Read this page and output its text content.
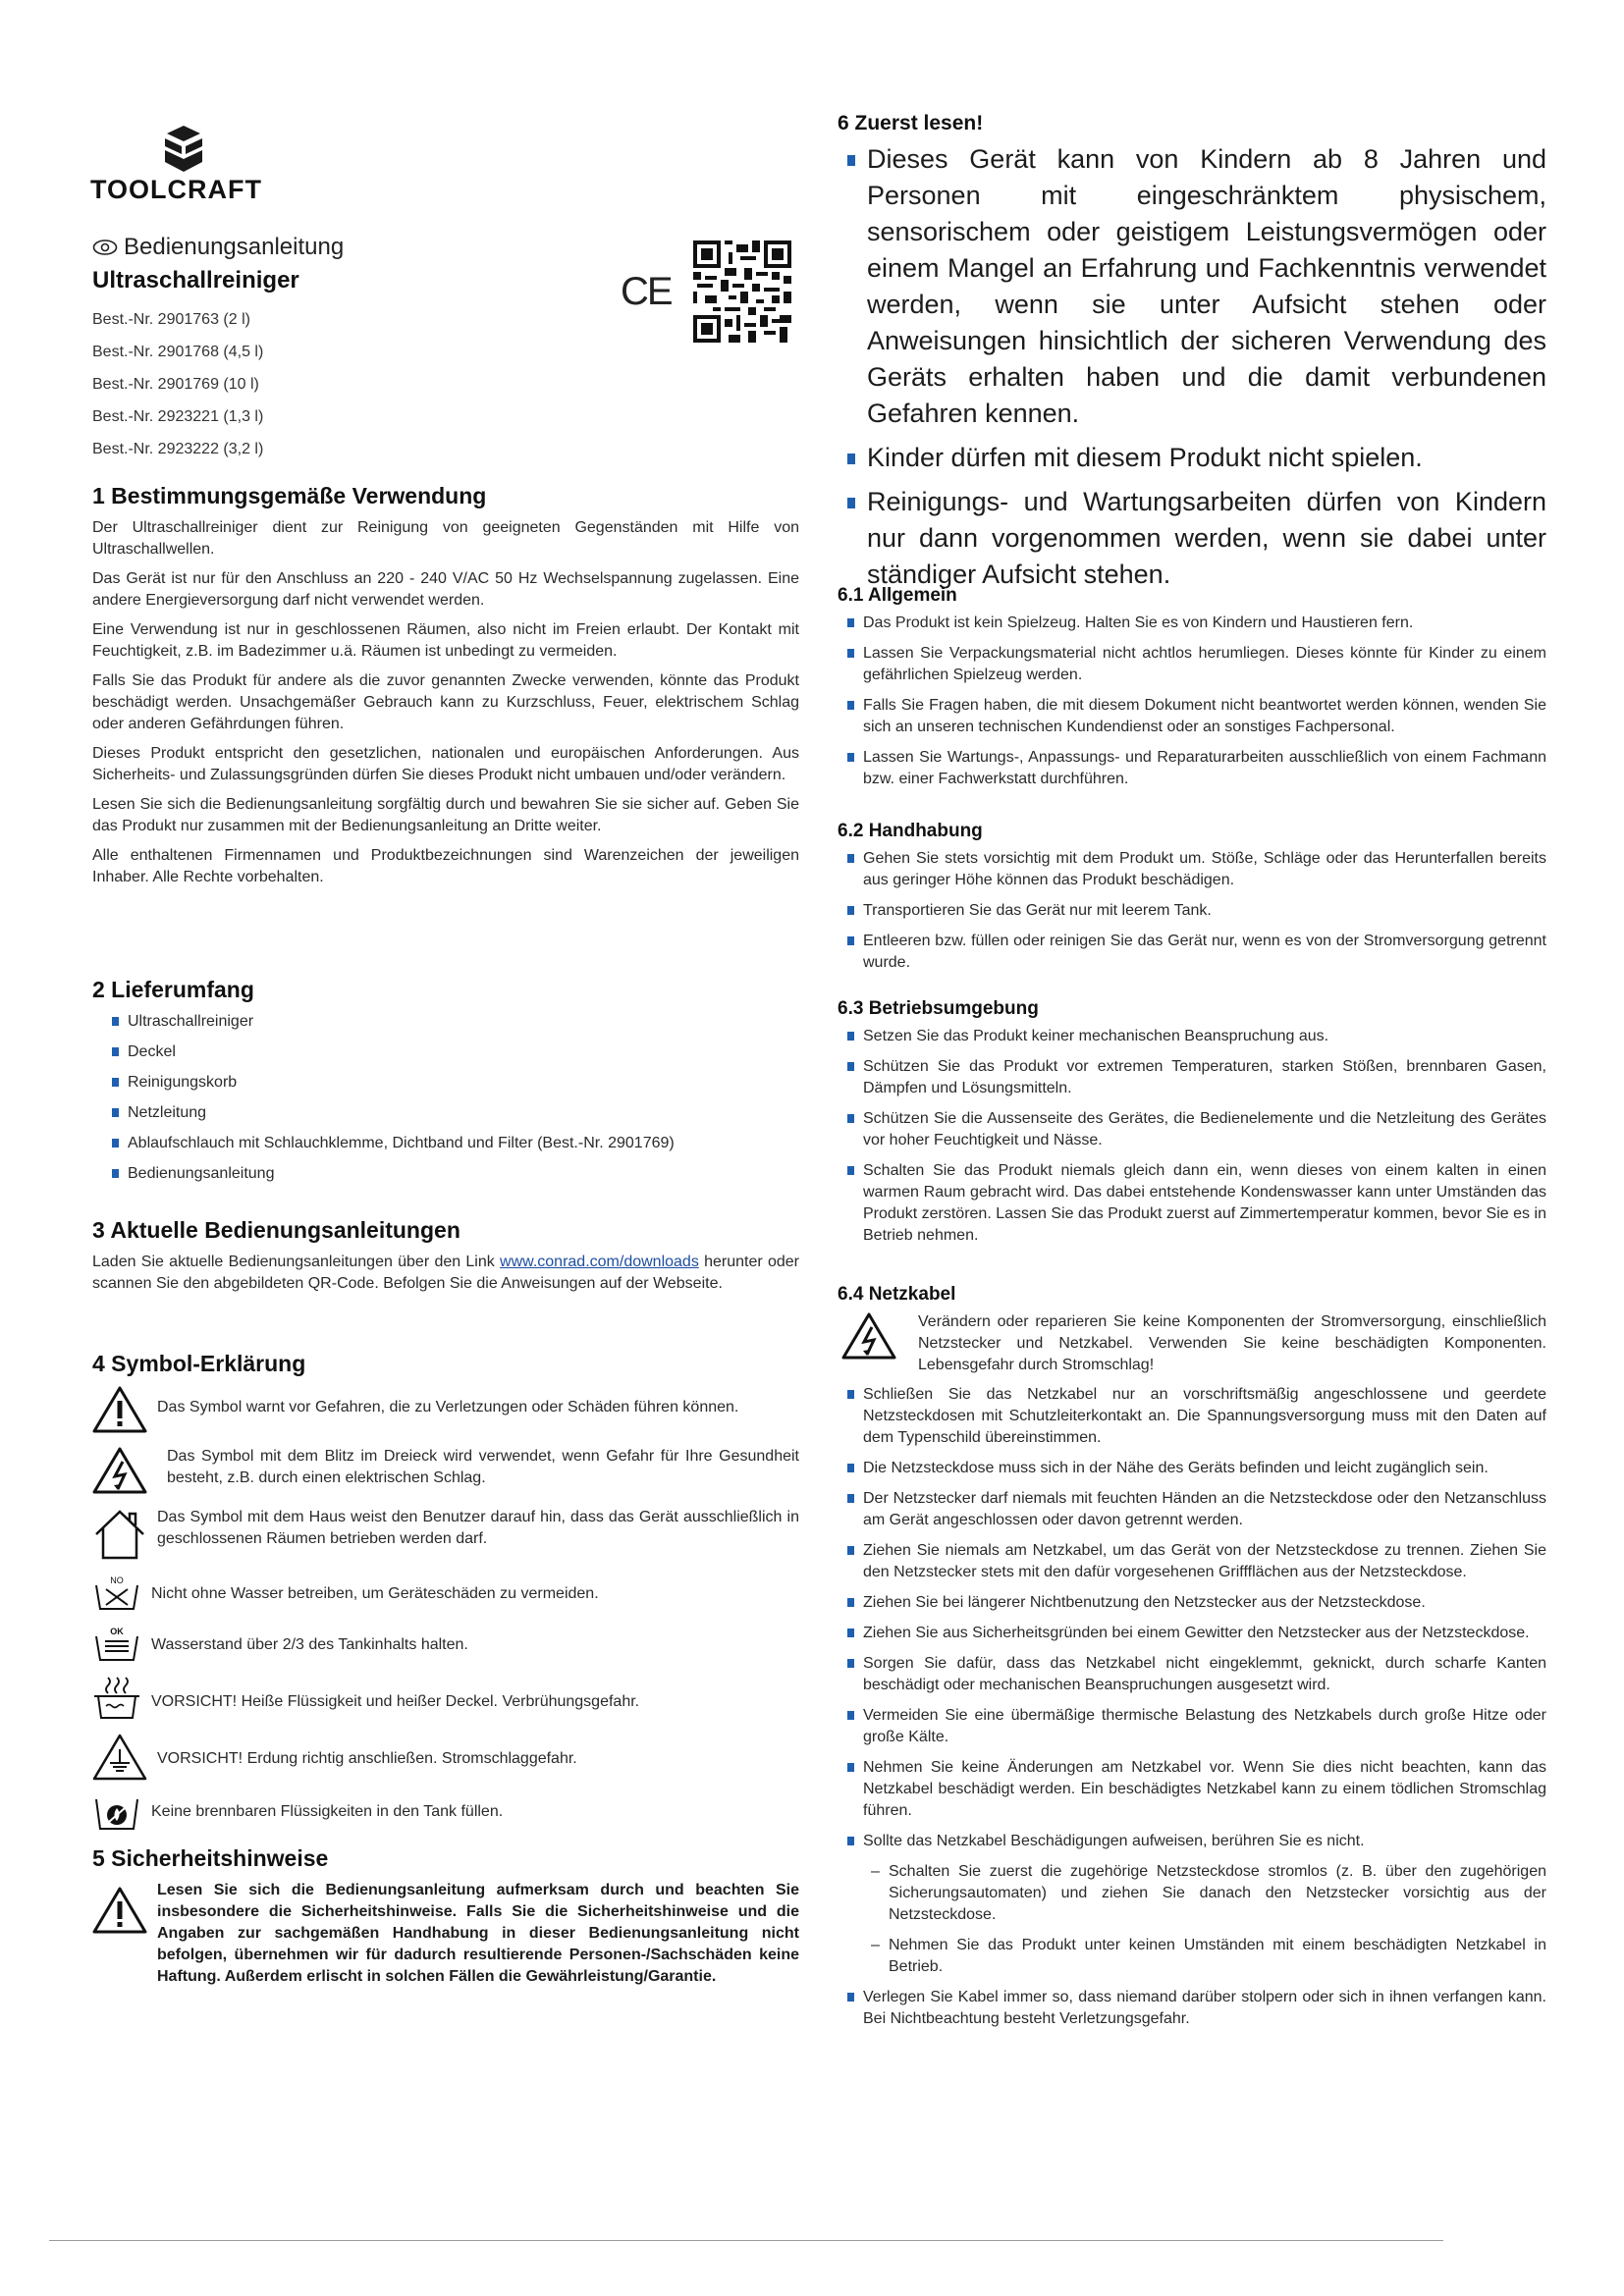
TOOLCRAFT
Bedienungsanleitung
Ultraschallreiniger
Best.-Nr. 2901763 (2 l)
Best.-Nr. 2901768 (4,5 l)
Best.-Nr. 2901769 (10 l)
Best.-Nr. 2923221 (1,3 l)
Best.-Nr. 2923222 (3,2 l)
CE
1 Bestimmungsgemäße Verwendung

Der Ultraschallreiniger dient zur Reinigung von geeigneten Gegenständen mit Hilfe von Ultraschallwellen.

Das Gerät ist nur für den Anschluss an 220 - 240 V/AC 50 Hz Wechselspannung zugelassen. Eine andere Energieversorgung darf nicht verwendet werden.

Eine Verwendung ist nur in geschlossenen Räumen, also nicht im Freien erlaubt. Der Kontakt mit Feuchtigkeit, z.B. im Badezimmer u.ä. Räumen ist unbedingt zu vermeiden.

Falls Sie das Produkt für andere als die zuvor genannten Zwecke verwenden, könnte das Produkt beschädigt werden. Unsachgemäßer Gebrauch kann zu Kurzschluss, Feuer, elektrischem Schlag oder anderen Gefährdungen führen.

Dieses Produkt entspricht den gesetzlichen, nationalen und europäischen Anforderungen. Aus Sicherheits- und Zulassungsgründen dürfen Sie dieses Produkt nicht umbauen und/oder verändern.

Lesen Sie sich die Bedienungsanleitung sorgfältig durch und bewahren Sie sie sicher auf. Geben Sie das Produkt nur zusammen mit der Bedienungsanleitung an Dritte weiter.

Alle enthaltenen Firmennamen und Produktbezeichnungen sind Warenzeichen der jeweiligen Inhaber. Alle Rechte vorbehalten.

2 Lieferumfang
Ultraschallreiniger
Deckel
Reinigungskorb
Netzleitung
Ablaufschlauch mit Schlauchklemme, Dichtband und Filter (Best.-Nr. 2901769)
Bedienungsanleitung
3 Aktuelle Bedienungsanleitungen

Laden Sie aktuelle Bedienungsanleitungen über den Link www.conrad.com/downloads herunter oder scannen Sie den abgebildeten QR-Code. Befolgen Sie die Anweisungen auf der Webseite.

4 Symbol-Erklärung
Das Symbol warnt vor Gefahren, die zu Verletzungen oder Schäden führen können.
Das Symbol mit dem Blitz im Dreieck wird verwendet, wenn Gefahr für Ihre Gesundheit besteht, z.B. durch einen elektrischen Schlag.
Das Symbol mit dem Haus weist den Benutzer darauf hin, dass das Gerät ausschließlich in geschlossenen Räumen betrieben werden darf.
NO
Nicht ohne Wasser betreiben, um Geräteschäden zu vermeiden.
OK
Wasserstand über 2/3 des Tankinhalts halten.
VORSICHT! Heiße Flüssigkeit und heißer Deckel. Verbrühungsgefahr.
VORSICHT! Erdung richtig anschließen. Stromschlaggefahr.
Keine brennbaren Flüssigkeiten in den Tank füllen.
5 Sicherheitshinweise
Lesen Sie sich die Bedienungsanleitung aufmerksam durch und beachten Sie insbesondere die Sicherheitshinweise. Falls Sie die Sicherheitshinweise und die Angaben zur sachgemäßen Handhabung in dieser Bedienungsanleitung nicht befolgen, übernehmen wir für dadurch resultierende Personen-/Sachschäden keine Haftung. Außerdem erlischt in solchen Fällen die Gewährleistung/Garantie.
6 Zuerst lesen!
Dieses Gerät kann von Kindern ab 8 Jahren und Personen mit eingeschränktem physischem, sensorischem oder geistigem Leistungsvermögen oder einem Mangel an Erfahrung und Fachkenntnis verwendet werden, wenn sie unter Aufsicht stehen oder Anweisungen hinsichtlich der sicheren Verwendung des Geräts erhalten haben und die damit verbundenen Gefahren kennen.
Kinder dürfen mit diesem Produkt nicht spielen.
Reinigungs- und Wartungsarbeiten dürfen von Kindern nur dann vorgenommen werden, wenn sie dabei unter ständiger Aufsicht stehen.
6.1 Allgemein
Das Produkt ist kein Spielzeug. Halten Sie es von Kindern und Haustieren fern.
Lassen Sie Verpackungsmaterial nicht achtlos herumliegen. Dieses könnte für Kinder zu einem gefährlichen Spielzeug werden.
Falls Sie Fragen haben, die mit diesem Dokument nicht beantwortet werden können, wenden Sie sich an unseren technischen Kundendienst oder an sonstiges Fachpersonal.
Lassen Sie Wartungs-, Anpassungs- und Reparaturarbeiten ausschließlich von einem Fachmann bzw. einer Fachwerkstatt durchführen.
6.2 Handhabung
Gehen Sie stets vorsichtig mit dem Produkt um. Stöße, Schläge oder das Herunterfallen bereits aus geringer Höhe können das Produkt beschädigen.
Transportieren Sie das Gerät nur mit leerem Tank.
Entleeren bzw. füllen oder reinigen Sie das Gerät nur, wenn es von der Stromversorgung getrennt wurde.
6.3 Betriebsumgebung
Setzen Sie das Produkt keiner mechanischen Beanspruchung aus.
Schützen Sie das Produkt vor extremen Temperaturen, starken Stößen, brennbaren Gasen, Dämpfen und Lösungsmitteln.
Schützen Sie die Aussenseite des Gerätes, die Bedienelemente und die Netzleitung des Gerätes vor hoher Feuchtigkeit und Nässe.
Schalten Sie das Produkt niemals gleich dann ein, wenn dieses von einem kalten in einen warmen Raum gebracht wird. Das dabei entstehende Kondenswasser kann unter Umständen das Produkt zerstören. Lassen Sie das Produkt zuerst auf Zimmertemperatur kommen, bevor Sie es in Betrieb nehmen.
6.4 Netzkabel
Verändern oder reparieren Sie keine Komponenten der Stromversorgung, einschließlich Netzstecker und Netzkabel. Verwenden Sie keine beschädigten Komponenten. Lebensgefahr durch Stromschlag!
Schließen Sie das Netzkabel nur an vorschriftsmäßig angeschlossene und geerdete Netzsteckdosen mit Schutzleiterkontakt an. Die Spannungsversorgung muss mit den Daten auf dem Typenschild übereinstimmen.
Die Netzsteckdose muss sich in der Nähe des Geräts befinden und leicht zugänglich sein.
Der Netzstecker darf niemals mit feuchten Händen an die Netzsteckdose oder den Netzanschluss am Gerät angeschlossen oder davon getrennt werden.
Ziehen Sie niemals am Netzkabel, um das Gerät von der Netzsteckdose zu trennen. Ziehen Sie den Netzstecker stets mit den dafür vorgesehenen Griffflächen aus der Netzsteckdose.
Ziehen Sie bei längerer Nichtbenutzung den Netzstecker aus der Netzsteckdose.
Ziehen Sie aus Sicherheitsgründen bei einem Gewitter den Netzstecker aus der Netzsteckdose.
Sorgen Sie dafür, dass das Netzkabel nicht eingeklemmt, geknickt, durch scharfe Kanten beschädigt oder mechanischen Beanspruchungen ausgesetzt wird.
Vermeiden Sie eine übermäßige thermische Belastung des Netzkabels durch große Hitze oder große Kälte.
Nehmen Sie keine Änderungen am Netzkabel vor. Wenn Sie dies nicht beachten, kann das Netzkabel beschädigt werden. Ein beschädigtes Netzkabel kann zu einem tödlichen Stromschlag führen.
Sollte das Netzkabel Beschädigungen aufweisen, berühren Sie es nicht.
– Schalten Sie zuerst die zugehörige Netzsteckdose stromlos (z. B. über den zugehörigen Sicherungsautomaten) und ziehen Sie danach den Netzstecker vorsichtig aus der Netzsteckdose.
– Nehmen Sie das Produkt unter keinen Umständen mit einem beschädigten Netzkabel in Betrieb.
Verlegen Sie Kabel immer so, dass niemand darüber stolpern oder sich in ihnen verfangen kann. Bei Nichtbeachtung besteht Verletzungsgefahr.
